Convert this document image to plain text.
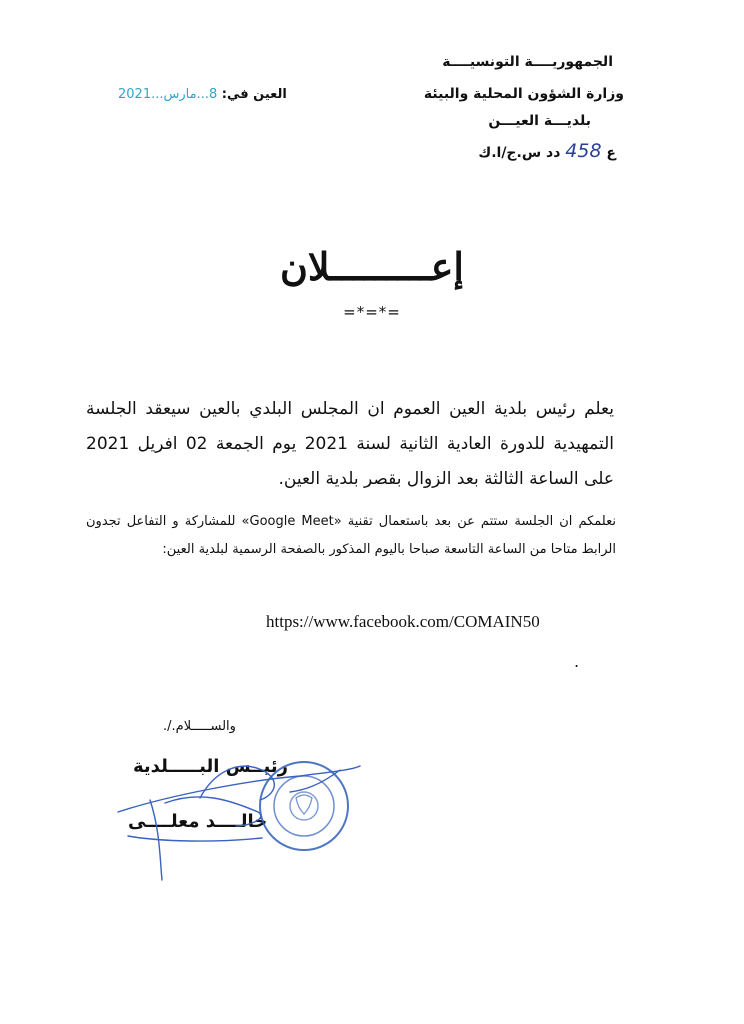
الجمهوريــــة التونسيــــة
وزارة الشؤون المحلية والبيئة
بلديـــة العيـــن
ع 458 دد س.ج/ا.ك
العين في: 8...مارس...2021
إعـــــــــلان
=*=*=
يعلم رئيس بلدية العين العموم ان المجلس البلدي بالعين سيعقد الجلسة التمهيدية للدورة العادية الثانية لسنة 2021 يوم الجمعة 02 افريل 2021 على الساعة الثالثة بعد الزوال بقصر بلدية العين.
نعلمكم ان الجلسة ستتم عن بعد باستعمال تقنية «Google Meet» للمشاركة و التفاعل تجدون الرابط متاحا من الساعة التاسعة صباحا باليوم المذكور بالصفحة الرسمية لبلدية العين:
https://www.facebook.com/COMAIN50
.
والســـــلام./.
رئيــس البـــــلدية
خالــــد معلــــى
